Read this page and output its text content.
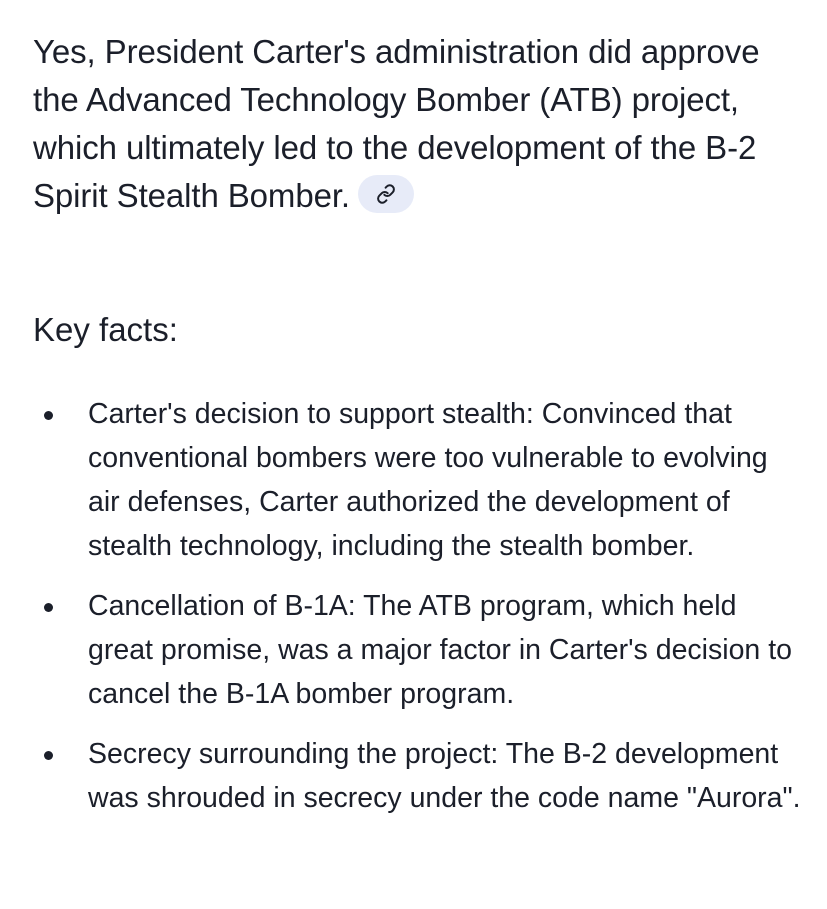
Yes, President Carter's administration did approve the Advanced Technology Bomber (ATB) project, which ultimately led to the development of the B-2 Spirit Stealth Bomber.

Key facts:

Carter's decision to support stealth: Convinced that conventional bombers were too vulnerable to evolving air defenses, Carter authorized the development of stealth technology, including the stealth bomber.
Cancellation of B-1A: The ATB program, which held great promise, was a major factor in Carter's decision to cancel the B-1A bomber program.
Secrecy surrounding the project: The B-2 development was shrouded in secrecy under the code name "Aurora".
